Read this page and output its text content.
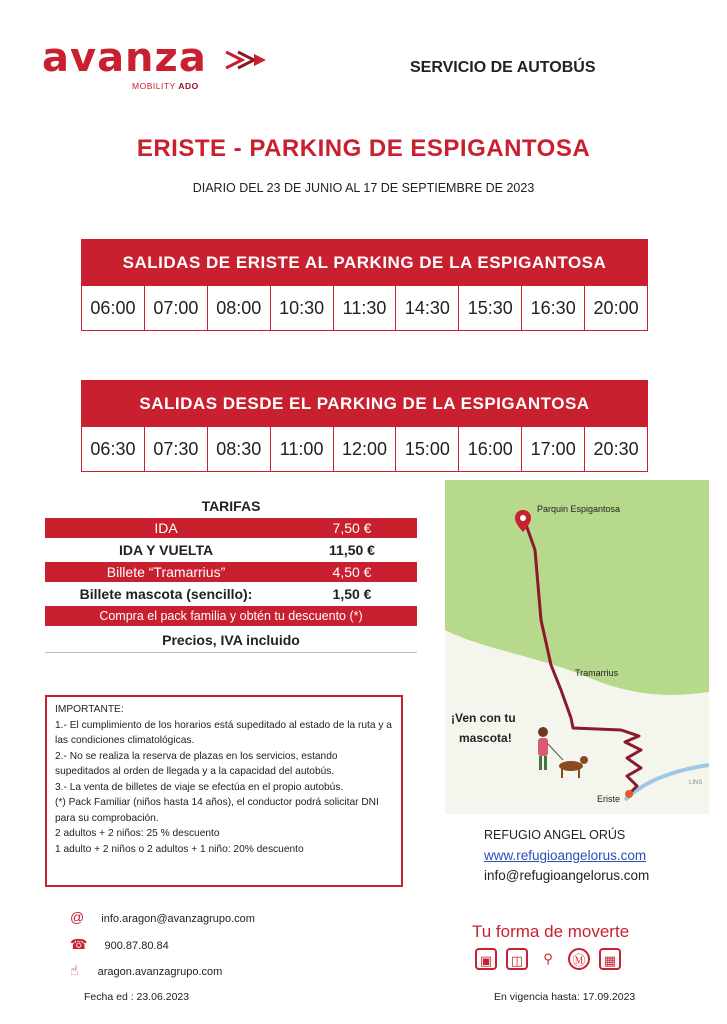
avanza
MOBILITY ADO
SERVICIO DE AUTOBÚS
ERISTE - PARKING DE ESPIGANTOSA
DIARIO DEL 23 DE JUNIO AL 17 DE SEPTIEMBRE DE 2023
SALIDAS DE ERISTE AL PARKING DE LA ESPIGANTOSA
06:00 07:00 08:00 10:30	11:30	14:30 15:30 16:30 20:00
SALIDAS DESDE EL PARKING DE LA ESPIGANTOSA
06:30 07:30 08:30	11:00	12:00 15:00 16:00 17:00 20:30
TARIFAS
IDA	7,50 €
IDA Y VUELTA	11,50 €
Billete “Tramarrius”	4,50 €
Billete mascota (sencillo):	1,50 €
Compra el pack familia y obtén tu descuento (*)
Precios, IVA incluido

IMPORTANTE:

1.- El cumplimiento de los horarios está supeditado al estado de la ruta y a las condiciones climatológicas.

2.- No se realiza la reserva de plazas en los servicios, estando supeditados al orden de llegada y a la capacidad del autobús.

3.- La venta de billetes de viaje se efectúa en el propio autobús.

(*) Pack Familiar (niños hasta 14 años), el conductor podrá solicitar DNI para su comprobación.

2 adultos + 2 niños: 25 % descuento

1 adulto + 2 niños o 2 adultos + 1 niño: 20% descuento

Parquin Espigantosa
Tramarrius
Eriste
LINS
¡Ven con tu
mascota!
REFUGIO ANGEL ORÚS
www.refugioangelorus.com
info@refugioangelorus.com
@ info.aragon@avanzagrupo.com
☎ 900.87.80.84
☝ aragon.avanzagrupo.com
Tu forma de moverte
▣	◫	⚲	Ⓜ	▦
Fecha ed : 23.06.2023	En vigencia hasta: 17.09.2023
